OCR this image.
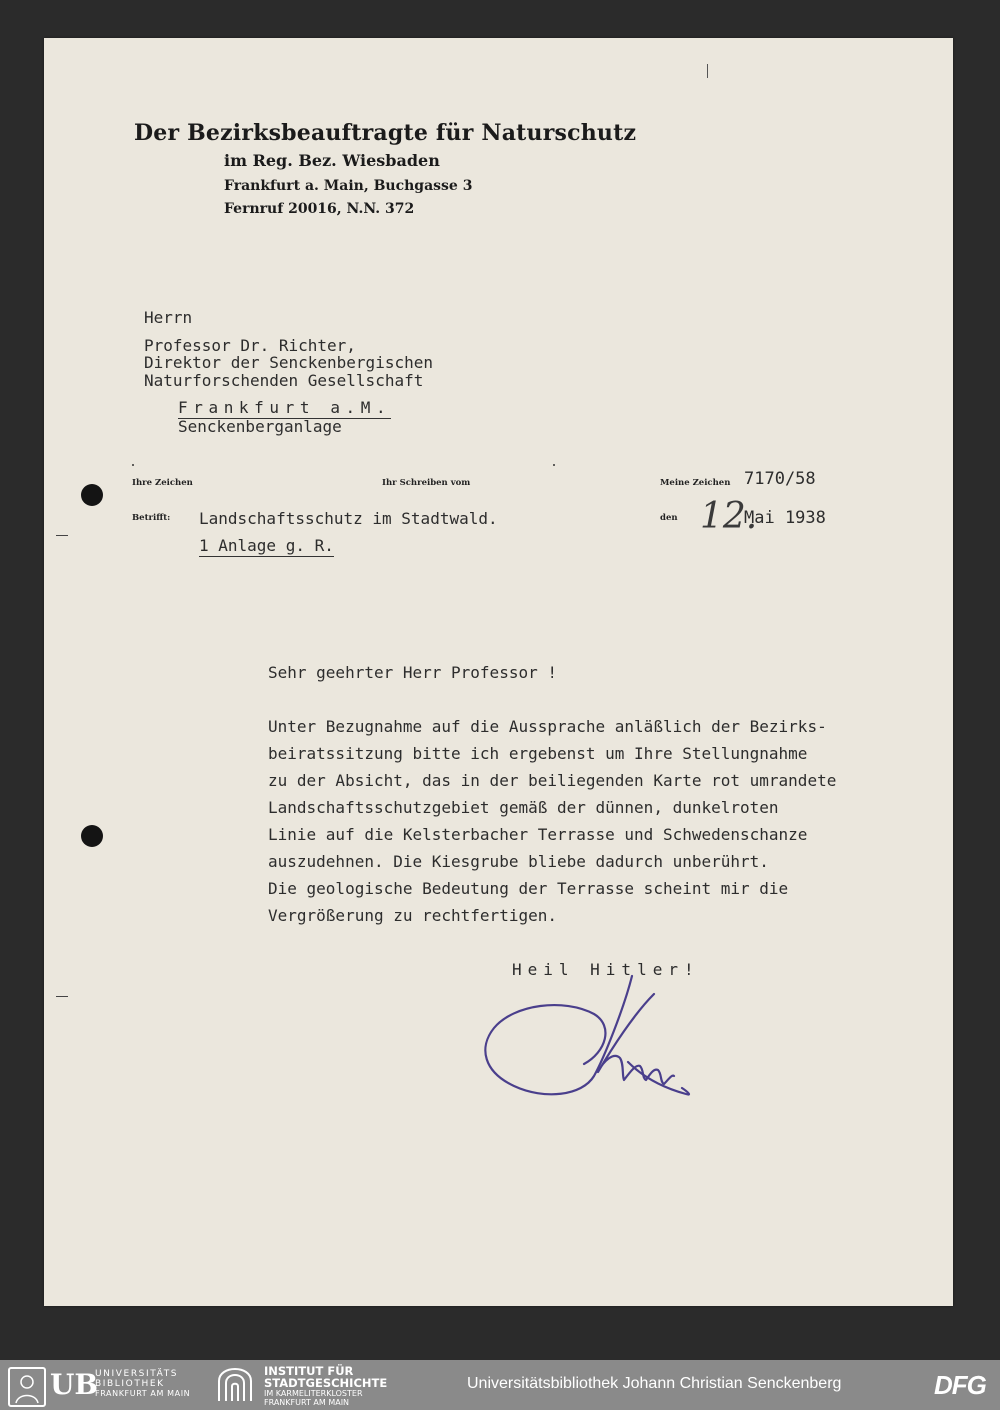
Der Bezirksbeauftragte für Naturschutz
im Reg. Bez. Wiesbaden
Frankfurt a. Main, Buchgasse 3
Fernruf 20016, N.N. 372
Herrn
Professor Dr. Richter,
Direktor der Senckenbergischen
Naturforschenden Gesellschaft
Frankfurt a.M.
Senckenberganlage
Ihre Zeichen	Ihr Schreiben vom	Meine Zeichen 7170/58
Betrifft: Landschaftsschutz im Stadtwald.
1 Anlage g. R.
den 12.
Mai 1938
Sehr geehrter Herr Professor !
Unter Bezugnahme auf die Aussprache anläßlich der Bezirks-
beiratssitzung bitte ich ergebenst um Ihre Stellungnahme
zu der Absicht, das in der beiliegenden Karte rot umrandete
Landschaftsschutzgebiet gemäß der dünnen, dunkelroten
Linie auf die Kelsterbacher Terrasse und Schwedenschanze
auszudehnen. Die Kiesgrube bliebe dadurch unberührt.
Die geologische Bedeutung der Terrasse scheint mir die
Vergrößerung zu rechtfertigen.
Heil Hitler!
UB
UNIVERSITÄTS
BIBLIOTHEK
FRANKFURT AM MAIN
INSTITUT FÜR
STADTGESCHICHTE
IM KARMELITERKLOSTER
FRANKFURT AM MAIN
Universitätsbibliothek Johann Christian Senckenberg	DFG
